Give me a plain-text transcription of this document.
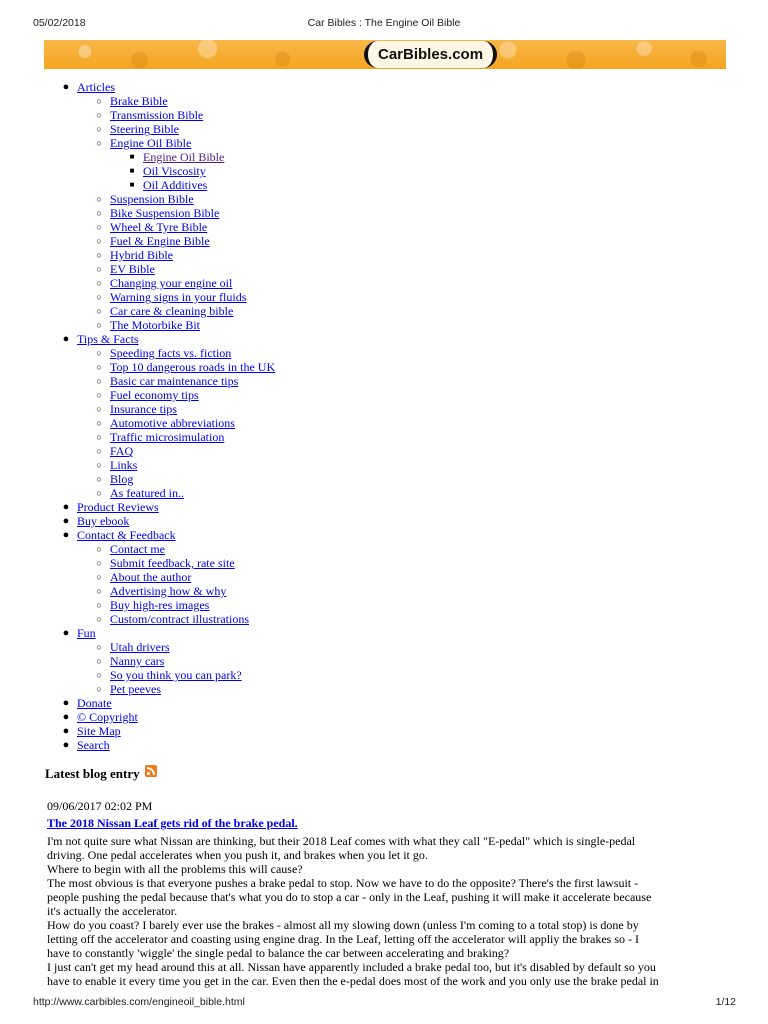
05/02/2018	Car Bibles : The Engine Oil Bible
CarBibles.com
● Articles
○ Brake Bible
○ Transmission Bible
○ Steering Bible
○ Engine Oil Bible
■ Engine Oil Bible
■ Oil Viscosity
■ Oil Additives
○ Suspension Bible
○ Bike Suspension Bible
○ Wheel & Tyre Bible
○ Fuel & Engine Bible
○ Hybrid Bible
○ EV Bible
○ Changing your engine oil
○ Warning signs in your fluids
○ Car care & cleaning bible
○ The Motorbike Bit
● Tips & Facts
○ Speeding facts vs. fiction
○ Top 10 dangerous roads in the UK
○ Basic car maintenance tips
○ Fuel economy tips
○ Insurance tips
○ Automotive abbreviations
○ Traffic microsimulation
○ FAQ
○ Links
○ Blog
○ As featured in..
● Product Reviews
● Buy ebook
● Contact & Feedback
○ Contact me
○ Submit feedback, rate site
○ About the author
○ Advertising how & why
○ Buy high-res images
○ Custom/contract illustrations
● Fun
○ Utah drivers
○ Nanny cars
○ So you think you can park?
○ Pet peeves
● Donate
● © Copyright
● Site Map
● Search
Latest blog entry
09/06/2017 02:02 PM
The 2018 Nissan Leaf gets rid of the brake pedal.
I'm not quite sure what Nissan are thinking, but their 2018 Leaf comes with what they call "E-pedal" which is single-pedal
driving. One pedal accelerates when you push it, and brakes when you let it go.
Where to begin with all the problems this will cause?
The most obvious is that everyone pushes a brake pedal to stop. Now we have to do the opposite? There's the first lawsuit -
people pushing the pedal because that's what you do to stop a car - only in the Leaf, pushing it will make it accelerate because
it's actually the accelerator.
How do you coast? I barely ever use the brakes - almost all my slowing down (unless I'm coming to a total stop) is done by
letting off the accelerator and coasting using engine drag. In the Leaf, letting off the accelerator will appliy the brakes so - I
have to constantly 'wiggle' the single pedal to balance the car between accelerating and braking?
I just can't get my head around this at all. Nissan have apparently included a brake pedal too, but it's disabled by default so you
have to enable it every time you get in the car. Even then the e-pedal does most of the work and you only use the brake pedal in
http://www.carbibles.com/engineoil_bible.html	1/12
